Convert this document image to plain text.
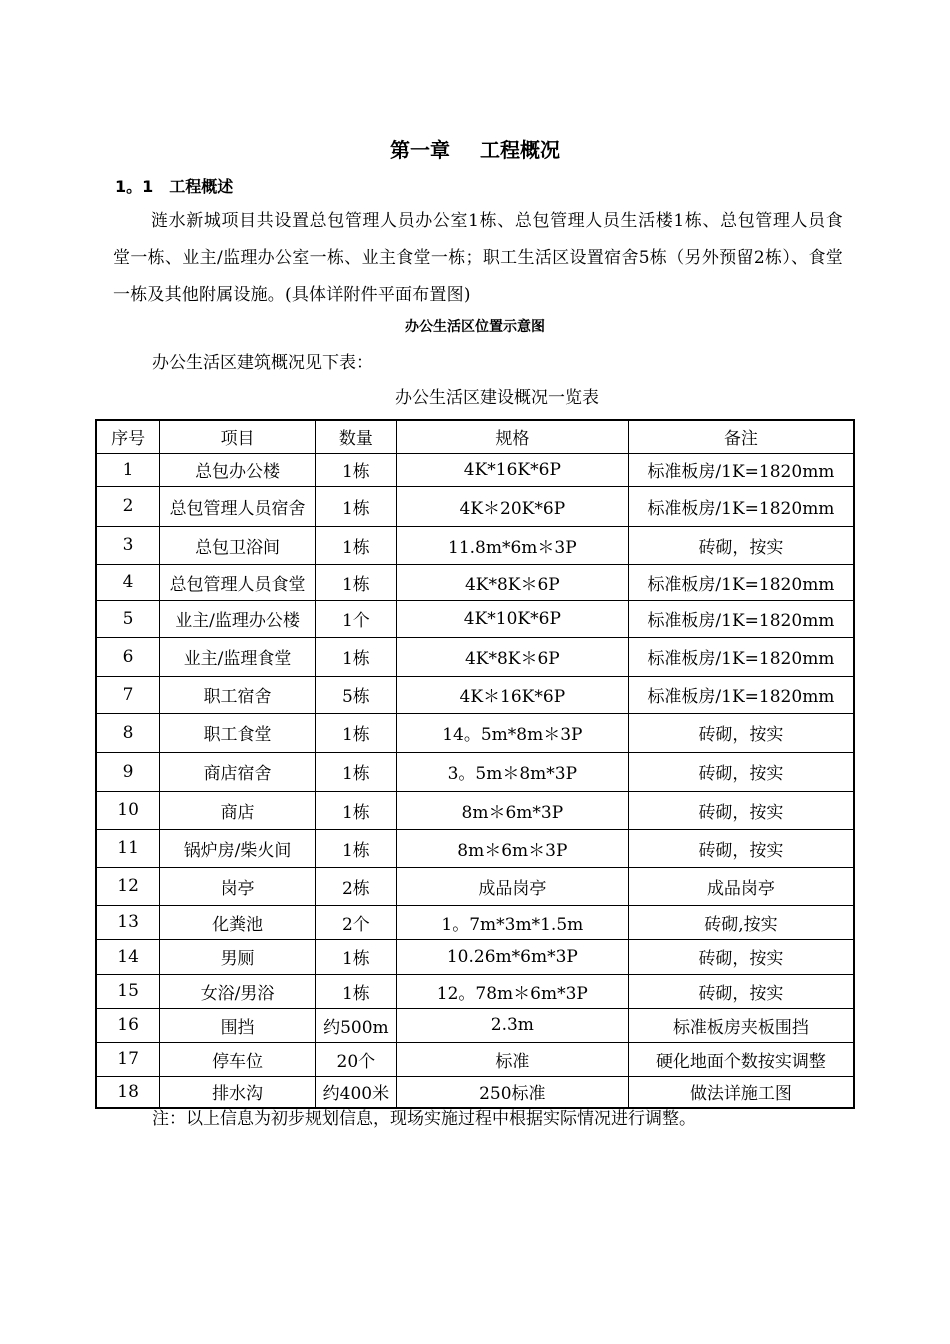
第一章 工程概况
1。1 工程概述
涟水新城项目共设置总包管理人员办公室1栋、总包管理人员生活楼1栋、总包管理人员食堂一栋、业主/监理办公室一栋、业主食堂一栋；职工生活区设置宿舍5栋（另外预留2栋）、食堂一栋及其他附属设施。(具体详附件平面布置图)
办公生活区位置示意图
办公生活区建筑概况见下表：
办公生活区建设概况一览表
序号	项目	数量	规格	备注
1	总包办公楼	1栋	4K*16K*6P	标准板房/1K=1820mm
2	总包管理人员宿舍	1栋	4K＊20K*6P	标准板房/1K=1820mm
3	总包卫浴间	1栋	11.8m*6m＊3P	砖砌，按实
4	总包管理人员食堂	1栋	4K*8K＊6P	标准板房/1K=1820mm
5	业主/监理办公楼	1个	4K*10K*6P	标准板房/1K=1820mm
6	业主/监理食堂	1栋	4K*8K＊6P	标准板房/1K=1820mm
7	职工宿舍	5栋	4K＊16K*6P	标准板房/1K=1820mm
8	职工食堂	1栋	14。5m*8m＊3P	砖砌，按实
9	商店宿舍	1栋	3。5m＊8m*3P	砖砌，按实
10	商店	1栋	8m＊6m*3P	砖砌，按实
11	锅炉房/柴火间	1栋	8m＊6m＊3P	砖砌，按实
12	岗亭	2栋	成品岗亭	成品岗亭
13	化粪池	2个	1。7m*3m*1.5m	砖砌,按实
14	男厕	1栋	10.26m*6m*3P	砖砌，按实
15	女浴/男浴	1栋	12。78m＊6m*3P	砖砌，按实
16	围挡	约500m	2.3m	标准板房夹板围挡
17	停车位	20个	标准	硬化地面个数按实调整
18	排水沟	约400米	250标准	做法详施工图
注：以上信息为初步规划信息，现场实施过程中根据实际情况进行调整。
